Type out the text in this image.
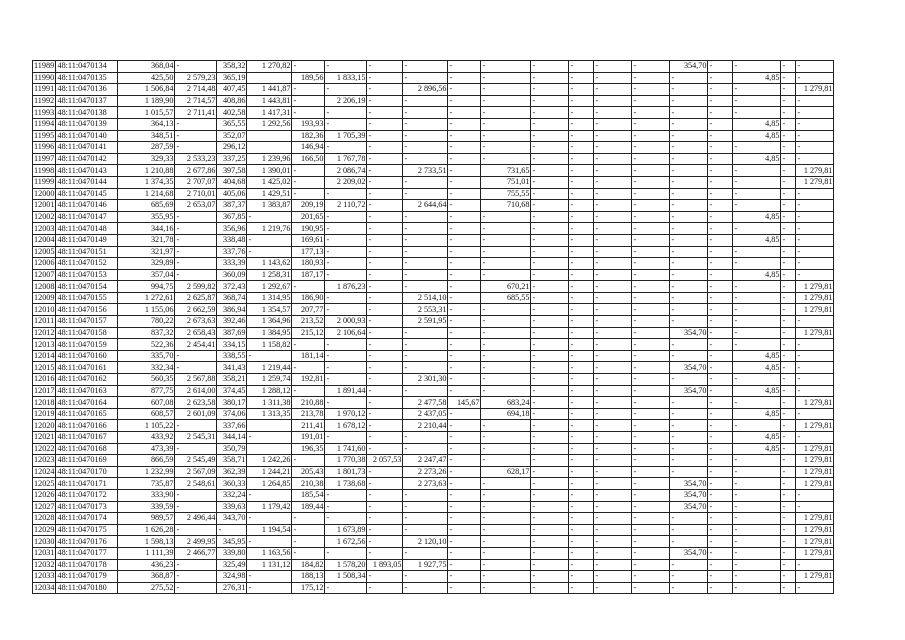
11989	48:11:0470134	368,04	-	358,32	1 270,82	-	-	-	-	-	-	-	-	-	-	354,70	-	-	-	-
11990	48:11:0470135	425,50	2 579,23	365,19		189,56	1 833,15	-	-	-	-	-	-	-	-	-	-	4,85	-	-
11991	48:11:0470136	1 506,84	2 714,48	407,45	1 441,87	-	-	-	2 896,56	-	-	-	-	-	-	-	-	-	-	1 279,81
11992	48:11:0470137	1 189,90	2 714,57	408,86	1 443,81	-	2 206,19	-	-	-	-	-	-	-	-	-	-	-	-	-
11993	48:11:0470138	1 015,57	2 711,41	402,58	1 417,31	-	-	-	-	-	-	-	-	-	-	-	-	-	-	-
11994	48:11:0470139	364,13	-	365,55	1 292,56	193,93	-	-	-	-	-	-	-	-	-	-	-	4,85	-	-
11995	48:11:0470140	348,51	-	352,07		182,36	1 705,39	-	-	-	-	-	-	-	-	-	-	4,85	-	-
11996	48:11:0470141	287,59	-	296,12		146,94	-	-	-	-	-	-	-	-	-	-	-	-	-	-
11997	48:11:0470142	329,33	2 533,23	337,25	1 239,96	166,50	1 767,78	-	-	-	-	-	-	-	-	-	-	4,85	-	-
11998	48:11:0470143	1 210,88	2 677,86	397,58	1 390,01	-	2 086,74	-	2 733,51	-	731,65	-	-	-	-	-	-	-	-	1 279,81
11999	48:11:0470144	1 374,35	2 707,07	404,68	1 425,02	-	2 209,02	-	-	-	751,01	-	-	-	-	-	-	-	-	1 279,81
12000	48:11:0470145	1 214,68	2 710,01	405,06	1 429,51	-	-	-	-	-	755,55	-	-	-	-	-	-	-	-	-
12001	48:11:0470146	685,69	2 653,07	387,37	1 383,87	209,19	2 110,72	-	2 644,64	-	710,68	-	-	-	-	-	-	-	-	-
12002	48:11:0470147	355,95	-	367,85	-	201,65	-	-	-	-	-	-	-	-	-	-	-	4,85	-	-
12003	48:11:0470148	344,16	-	356,96	1 219,76	190,95	-	-	-	-	-	-	-	-	-	-	-	-	-	-
12004	48:11:0470149	321,78	-	338,48	-	169,61	-	-	-	-	-	-	-	-	-	-	-	4,85	-	-
12005	48:11:0470151	321,97	-	337,76	-	177,13	-	-	-	-	-	-	-	-	-	-	-	-	-	-
12006	48:11:0470152	329,89	-	333,39	1 143,62	180,93	-	-	-	-	-	-	-	-	-	-	-	-	-	-
12007	48:11:0470153	357,04	-	360,09	1 258,31	187,17	-	-	-	-	-	-	-	-	-	-	-	4,85	-	-
12008	48:11:0470154	994,75	2 599,82	372,43	1 292,67	-	1 876,23	-	-	-	670,21	-	-	-	-	-	-	-	-	1 279,81
12009	48:11:0470155	1 272,61	2 625,87	368,74	1 314,95	186,90	-	-	2 514,10	-	685,55	-	-	-	-	-	-	-	-	1 279,81
12010	48:11:0470156	1 155,06	2 662,59	386,94	1 354,57	207,77	-	-	2 553,31	-	-	-	-	-	-	-	-	-	-	1 279,81
12011	48:11:0470157	780,22	2 673,63	392,46	1 364,96	213,52	2 000,93	-	2 591,95	-	-	-	-	-	-	-	-	-	-	-
12012	48:11:0470158	837,32	2 658,43	387,69	1 384,95	215,12	2 106,64	-	-	-	-	-	-	-	-	354,70	-	-	-	1 279,81
12013	48:11:0470159	522,36	2 454,41	334,15	1 158,82	-	-	-	-	-	-	-	-	-	-	-	-	-	-	-
12014	48:11:0470160	335,70	-	338,55	-	181,14	-	-	-	-	-	-	-	-	-	-	-	4,85	-	-
12015	48:11:0470161	332,34	-	341,43	1 219,44	-	-	-	-	-	-	-	-	-	-	354,70	-	4,85	-	-
12016	48:11:0470162	560,35	2 567,88	358,21	1 259,74	192,81	-	-	2 301,30	-	-	-	-	-	-	-	-	-	-	-
12017	48:11:0470163	877,75	2 614,00	374,45	1 288,12	-	1 891,44	-	-	-	-	-	-	-	-	354,70	-	4,85	-	-
12018	48:11:0470164	607,08	2 623,58	380,17	1 311,38	210,88	-	-	2 477,58	145,67	683,24	-	-	-	-	-	-	-	-	1 279,81
12019	48:11:0470165	608,57	2 601,09	374,06	1 313,35	213,78	1 970,12	-	2 437,05	-	694,18	-	-	-	-	-	-	4,85	-	-
12020	48:11:0470166	1 105,22	-	337,66		211,41	1 678,12	-	2 210,44	-	-	-	-	-	-	-	-	-	-	1 279,81
12021	48:11:0470167	433,92	2 545,31	344,14	-	191,01	-	-	-	-	-	-	-	-	-	-	-	4,85	-	-
12022	48:11:0470168	473,39	-	350,79		196,35	1 741,60	-	-	-	-	-	-	-	-	-	-	4,85	-	1 279,81
12023	48:11:0470169	866,59	2 545,49	358,71	1 242,26	-	1 770,38	2 057,53	2 247,47	-	-	-	-	-	-	-	-	-	-	1 279,81
12024	48:11:0470170	1 232,99	2 567,09	362,39	1 244,21	205,43	1 801,73	-	2 273,26	-	628,17	-	-	-	-	-	-	-	-	1 279,81
12025	48:11:0470171	735,87	2 548,61	360,33	1 264,85	210,38	1 738,68	-	2 273,63	-	-	-	-	-	-	354,70	-	-	-	1 279,81
12026	48:11:0470172	333,90	-	332,24	-	185,54	-	-	-	-	-	-	-	-	-	354,70	-	-	-	-
12027	48:11:0470173	339,59	-	339,63	1 179,42	189,44	-	-	-	-	-	-	-	-	-	354,70	-	-	-	-
12028	48:11:0470174	989,57	2 496,44	343,70	-	-	-	-	-	-	-	-	-	-	-	-	-	-	-	1 279,81
12029	48:11:0470175	1 626,28	-	-	1 194,54	-	1 673,89	-	-	-	-	-	-	-	-	-	-	-	-	1 279,81
12030	48:11:0470176	1 598,13	2 499,95	345,95	-	-	1 672,56	-	2 120,10	-	-	-	-	-	-	-	-	-	-	1 279,81
12031	48:11:0470177	1 111,39	2 466,77	339,80	1 163,56	-	-	-	-	-	-	-	-	-	-	354,70	-	-	-	1 279,81
12032	48:11:0470178	436,23	-	325,49	1 131,12	184,82	1 578,20	1 893,05	1 927,75	-	-	-	-	-	-	-	-	-	-	-
12033	48:11:0470179	368,87	-	324,98	-	188,13	1 508,34	-	-	-	-	-	-	-	-	-	-	-	-	1 279,81
12034	48:11:0470180	275,52	-	276,31	-	175,12	-	-	-	-	-	-	-	-	-	-	-	-	-	-
